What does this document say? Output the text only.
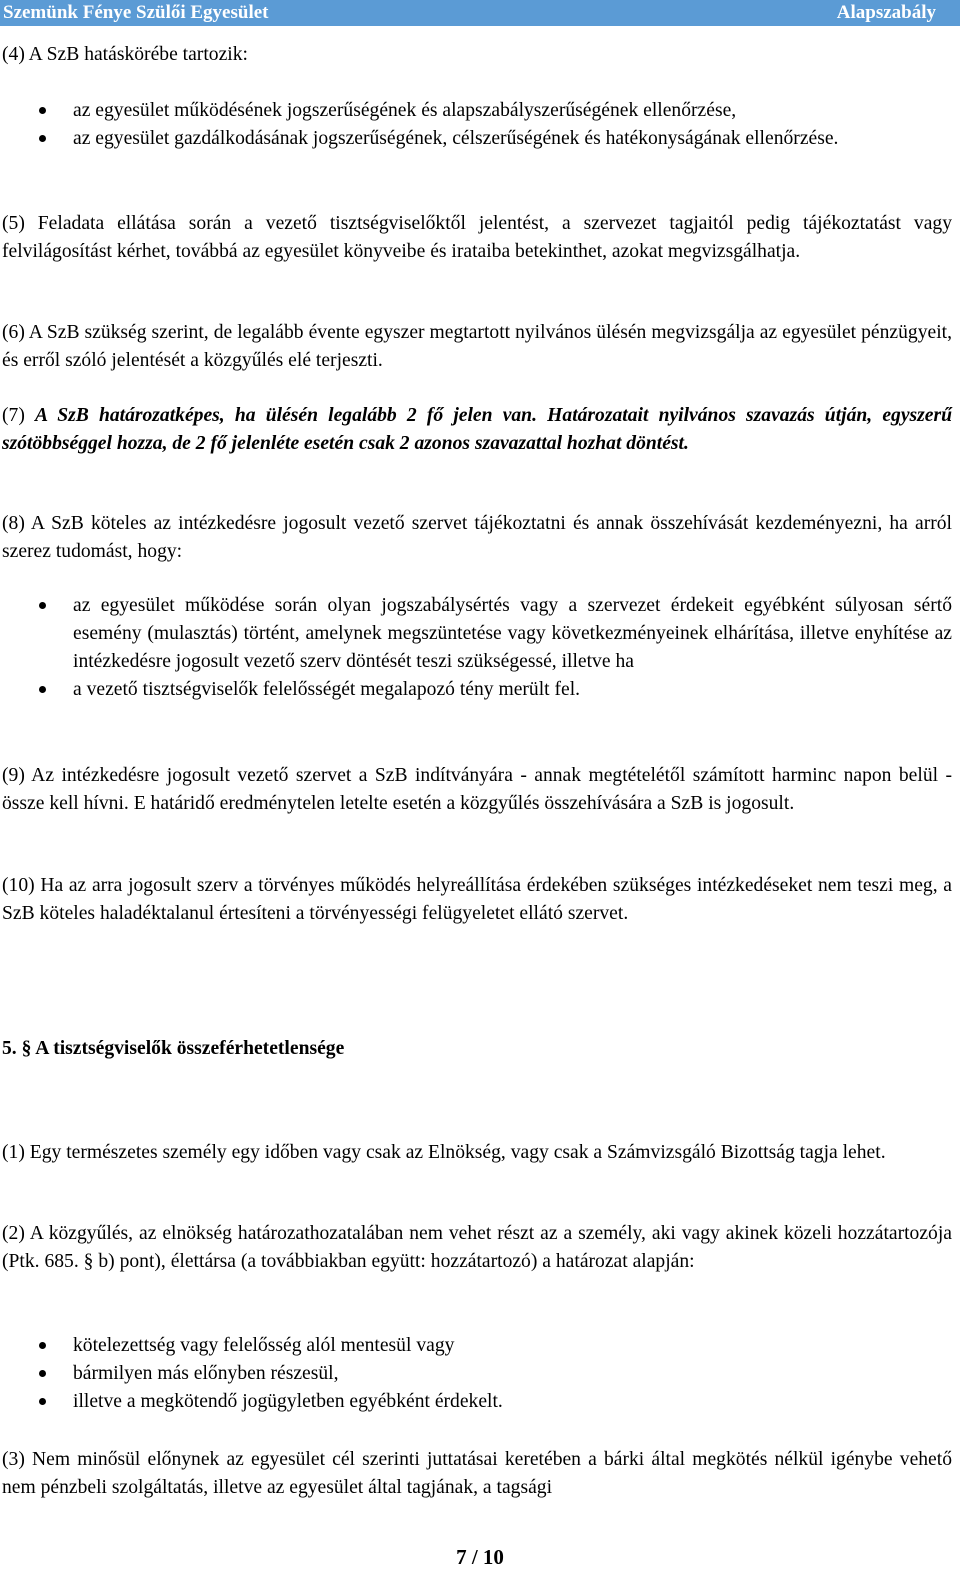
Szemünk Fénye Szülői Egyesület	Alapszabály
(4) A SzB hatáskörébe tartozik:
az egyesület működésének jogszerűségének és alapszabályszerűségének ellenőrzése,
az egyesület gazdálkodásának jogszerűségének, célszerűségének és hatékonyságának ellenőrzése.
(5) Feladata ellátása során a vezető tisztségviselőktől jelentést, a szervezet tagjaitól pedig tájékoztatást vagy felvilágosítást kérhet, továbbá az egyesület könyveibe és irataiba betekinthet, azokat megvizsgálhatja.
(6) A SzB szükség szerint, de legalább évente egyszer megtartott nyilvános ülésén megvizsgálja az egyesület pénzügyeit, és erről szóló jelentését a közgyűlés elé terjeszti.
(7) A SzB határozatképes, ha ülésén legalább 2 fő jelen van. Határozatait nyilvános szavazás útján, egyszerű szótöbbséggel hozza, de 2 fő jelenléte esetén csak 2 azonos szavazattal hozhat döntést.
(8) A SzB köteles az intézkedésre jogosult vezető szervet tájékoztatni és annak összehívását kezdeményezni, ha arról szerez tudomást, hogy:
az egyesület működése során olyan jogszabálysértés vagy a szervezet érdekeit egyébként súlyosan sértő esemény (mulasztás) történt, amelynek megszüntetése vagy következményeinek elhárítása, illetve enyhítése az intézkedésre jogosult vezető szerv döntését teszi szükségessé, illetve ha
a vezető tisztségviselők felelősségét megalapozó tény merült fel.
(9) Az intézkedésre jogosult vezető szervet a SzB indítványára - annak megtételétől számított harminc napon belül - össze kell hívni. E határidő eredménytelen letelte esetén a közgyűlés összehívására a SzB is jogosult.
(10) Ha az arra jogosult szerv a törvényes működés helyreállítása érdekében szükséges intézkedéseket nem teszi meg, a SzB köteles haladéktalanul értesíteni a törvényességi felügyeletet ellátó szervet.
5. § A tisztségviselők összeférhetetlensége
(1) Egy természetes személy egy időben vagy csak az Elnökség, vagy csak a Számvizsgáló Bizottság tagja lehet.
(2) A közgyűlés, az elnökség határozathozatalában nem vehet részt az a személy, aki vagy akinek közeli hozzátartozója (Ptk. 685. § b) pont), élettársa (a továbbiakban együtt: hozzátartozó) a határozat alapján:
kötelezettség vagy felelősség alól mentesül vagy
bármilyen más előnyben részesül,
illetve a megkötendő jogügyletben egyébként érdekelt.
(3) Nem minősül előnynek az egyesület cél szerinti juttatásai keretében a bárki által megkötés nélkül igénybe vehető nem pénzbeli szolgáltatás, illetve az egyesület által tagjának, a tagsági
7 / 10
